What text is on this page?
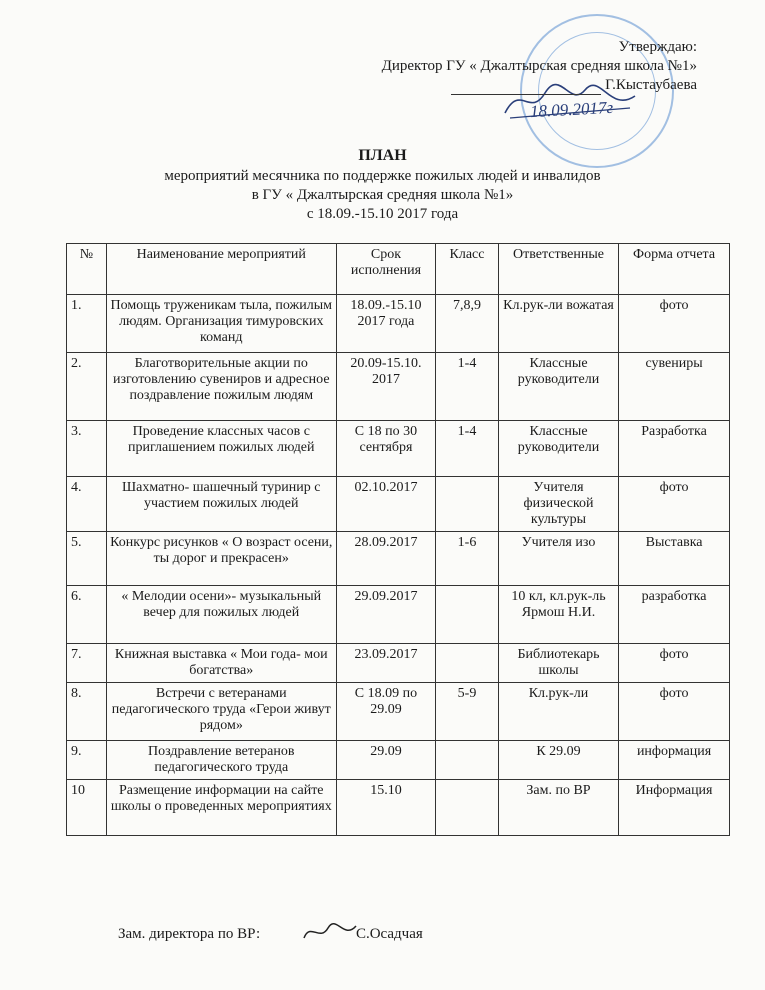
Утверждаю:
Директор ГУ « Джалтырская средняя школа №1»
Г.Кыстаубаева
18.09.2017г
ПЛАН
мероприятий месячника по поддержке пожилых людей и инвалидов
в ГУ « Джалтырская средняя школа №1»
с 18.09.-15.10 2017 года
№	Наименование мероприятий	Срок исполнения	Класс	Ответственные	Форма отчета
1.	Помощь труженикам тыла, пожилым людям. Организация тимуровских команд	18.09.-15.10 2017 года	7,8,9	Кл.рук-ли вожатая	фото
2.	Благотворительные акции по изготовлению сувениров и адресное поздравление пожилым людям	20.09-15.10. 2017	1-4	Классные руководители	сувениры
3.	Проведение классных часов с приглашением пожилых людей	С 18 по 30 сентября	1-4	Классные руководители	Разработка
4.	Шахматно- шашечный туринир с участием пожилых людей	02.10.2017		Учителя физической культуры	фото
5.	Конкурс рисунков « О возраст осени, ты дорог и прекрасен»	28.09.2017	1-6	Учителя изо	Выставка
6.	« Мелодии осени»- музыкальный вечер для пожилых людей	29.09.2017		10 кл, кл.рук-ль Ярмош Н.И.	разработка
7.	Книжная выставка « Мои года- мои богатства»	23.09.2017		Библиотекарь школы	фото
8.	Встречи с ветеранами педагогического труда «Герои живут рядом»	С 18.09 по 29.09	5-9	Кл.рук-ли	фото
9.	Поздравление ветеранов педагогического труда	29.09		К 29.09	информация
10	Размещение информации на сайте школы о проведенных мероприятиях	15.10		Зам. по ВР	Информация
Зам. директора по ВР:	С.Осадчая
